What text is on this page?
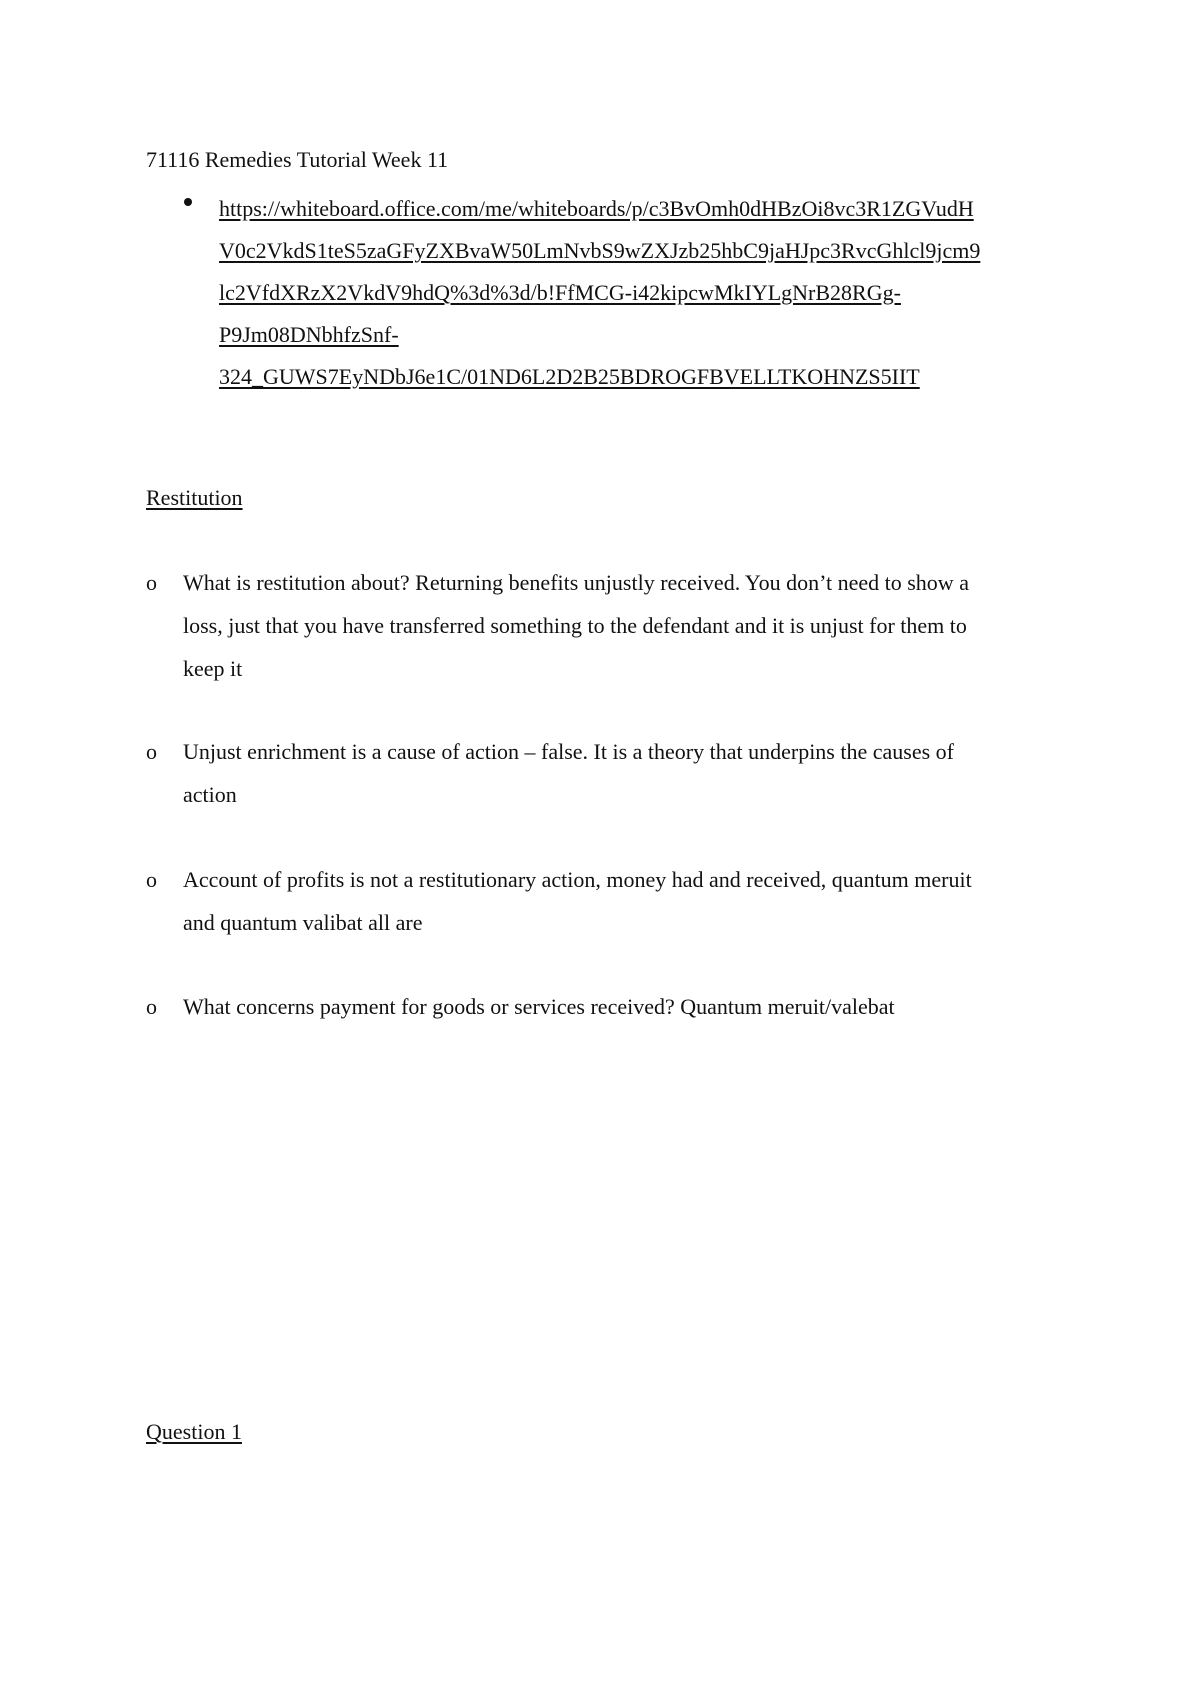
71116 Remedies Tutorial Week 11
https://whiteboard.office.com/me/whiteboards/p/c3BvOmh0dHBzOi8vc3R1ZGVudH
V0c2VkdS1teS5zaGFyZXBvaW50LmNvbS9wZXJzb25hbC9jaHJpc3RvcGhlcl9jcm9
lc2VfdXRzX2VkdV9hdQ%3d%3d/b!FfMCG-i42kipcwMkIYLgNrB28RGg-
P9Jm08DNbhfzSnf-
324_GUWS7EyNDbJ6e1C/01ND6L2D2B25BDROGFBVELLTKOHNZS5IIT
Restitution
o What is restitution about? Returning benefits unjustly received. You don’t need to show a
loss, just that you have transferred something to the defendant and it is unjust for them to
keep it
o Unjust enrichment is a cause of action – false. It is a theory that underpins the causes of
action
o Account of profits is not a restitutionary action, money had and received, quantum meruit
and quantum valibat all are
o What concerns payment for goods or services received? Quantum meruit/valebat
Question 1
